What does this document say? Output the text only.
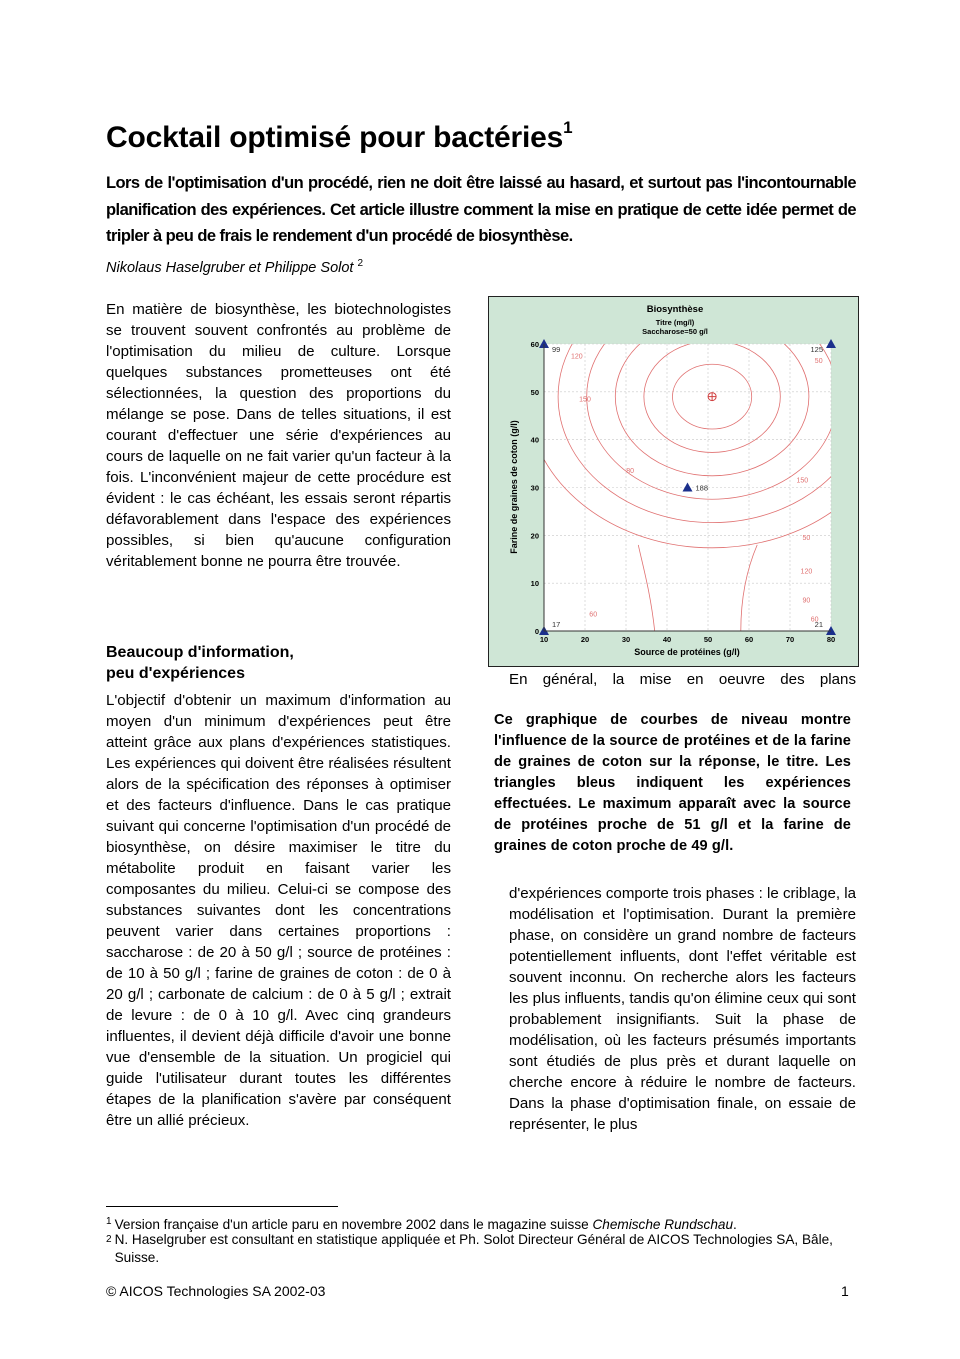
Cocktail optimisé pour bactéries$^1$
Lors de l'optimisation d'un procédé, rien ne doit être laissé au hasard, et surtout pas l'incontournable planification des expériences. Cet article illustre comment la mise en pratique de cette idée permet de tripler à peu de frais le rendement d'un procédé de biosynthèse.
Nikolaus Haselgruber et Philippe Solot $^2$
En matière de biosynthèse, les biotechnologistes se trouvent souvent confrontés au problème de l'optimisation du milieu de culture. Lorsque quelques substances prometteuses ont été sélectionnées, la question des proportions du mélange se pose. Dans de telles situations, il est courant d'effectuer une série d'expériences au cours de laquelle on ne fait varier qu'un facteur à la fois. L'inconvénient majeur de cette procédure est évident : le cas échéant, les essais seront répartis défavorablement dans l'espace des expériences possibles, si bien qu'aucune configuration véritablement bonne ne pourra être trouvée.
Beaucoup d'information,
peu d'expériences
L'objectif d'obtenir un maximum d'information au moyen d'un minimum d'expériences peut être atteint grâce aux plans d'expériences statistiques. Les expériences qui doivent être réalisées résultent alors de la spécification des réponses à optimiser et des facteurs d'influence. Dans le cas pratique suivant qui concerne l'optimisation d'un procédé de biosynthèse, on désire maximiser le titre du métabolite produit en faisant varier les composantes du milieu. Celui-ci se compose des substances suivantes dont les concentrations peuvent varier dans certaines proportions : saccharose : de 20 à 50 g/l ; source de protéines : de 10 à 50 g/l ; farine de graines de coton : de 0 à 20 g/l ; carbonate de calcium : de 0 à 5 g/l ; extrait de levure : de 0 à 10 g/l. Avec cinq grandeurs influentes, il devient déjà difficile d'avoir une bonne vue d'ensemble de la situation. Un progiciel qui guide l'utilisateur durant toutes les différentes étapes de la planification s'avère par conséquent être un allié précieux.
120
150
50
80
150
50
120
90
60
60
10	20	30	40	50	60	70	80
0
10
20
30
40
50
60
99	125
188
17	21
Biosynthèse
Titre (mg/l)
Saccharose=50 g/l
Source de protéines (g/l)
Farine de graines de coton (g/l)
En général, la mise en oeuvre des plans
Ce graphique de courbes de niveau montre l'influence de la source de protéines et de la farine de graines de coton sur la réponse, le titre. Les triangles bleus indiquent les expériences effectuées. Le maximum apparaît avec la source de protéines proche de 51 g/l et la farine de graines de coton proche de 49 g/l.
d'expériences comporte trois phases : le criblage, la modélisation et l'optimisation. Durant la première phase, on considère un grand nombre de facteurs potentiellement influents, dont l'effet véritable est souvent inconnu. On recherche alors les facteurs les plus influents, tandis qu'on élimine ceux qui sont probablement insignifiants. Suit la phase de modélisation, où les facteurs présumés importants sont étudiés de plus près et durant laquelle on cherche encore à réduire le nombre de facteurs. Dans la phase d'optimisation finale, on essaie de représenter, le plus
$^1$ Version française d'un article paru en novembre 2002 dans le magazine suisse Chemische Rundschau.
$^2$ N. Haselgruber est consultant en statistique appliquée et Ph. Solot Directeur Général de AICOS Technologies SA, Bâle, Suisse.
© AICOS Technologies SA 2002-03	1
